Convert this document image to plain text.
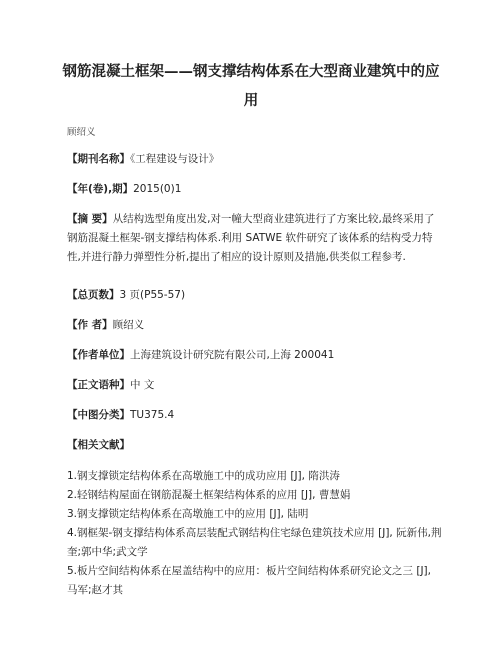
钢筋混凝土框架——钢支撑结构体系在大型商业建筑中的应用
顾绍义
【期刊名称】《工程建设与设计》
【年(卷),期】2015(0)1
【摘 要】从结构选型角度出发,对一幢大型商业建筑进行了方案比较,最终采用了钢筋混凝土框架-钢支撑结构体系.利用 SATWE 软件研究了该体系的结构受力特性,并进行静力弹塑性分析,提出了相应的设计原则及措施,供类似工程参考.
【总页数】3 页(P55-57)
【作 者】顾绍义
【作者单位】上海建筑设计研究院有限公司,上海 200041
【正文语种】中 文
【中图分类】TU375.4
【相关文献】

1.钢支撑锁定结构体系在高墩施工中的成功应用 [J], 隋洪涛

2.轻钢结构屋面在钢筋混凝土框架结构体系的应用 [J], 曹慧娟

3.钢支撑锁定结构体系在高墩施工中的应用 [J], 陆明

4.钢框架-钢支撑结构体系高层装配式钢结构住宅绿色建筑技术应用 [J], 阮新伟,荆奎;郭中华;武文学

5.板片空间结构体系在屋盖结构中的应用：板片空间结构体系研究论文之三 [J], 马军;赵才其
